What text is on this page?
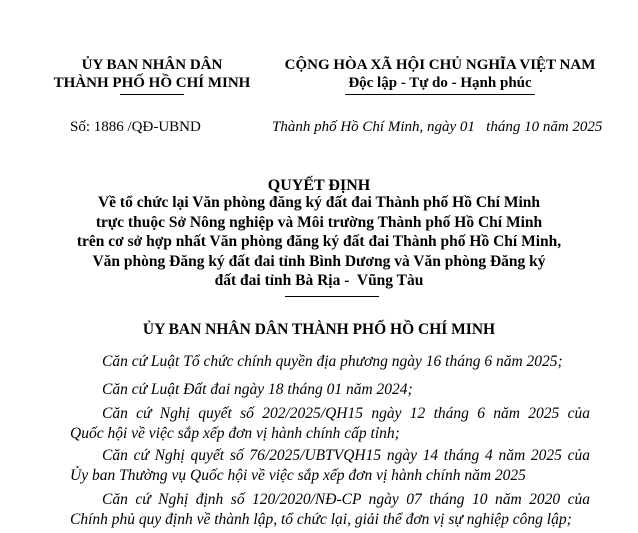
ỦY BAN NHÂN DÂN
THÀNH PHỐ HỒ CHÍ MINH
Số: 1886 /QĐ-UBND
CỘNG HÒA XÃ HỘI CHỦ NGHĨA VIỆT NAM
Độc lập - Tự do - Hạnh phúc
Thành phố Hồ Chí Minh, ngày 01   tháng 10 năm 2025
QUYẾT ĐỊNH
Về tổ chức lại Văn phòng đăng ký đất đai Thành phố Hồ Chí Minh
trực thuộc Sở Nông nghiệp và Môi trường Thành phố Hồ Chí Minh
trên cơ sở hợp nhất Văn phòng đăng ký đất đai Thành phố Hồ Chí Minh,
Văn phòng Đăng ký đất đai tỉnh Bình Dương và Văn phòng Đăng ký
đất đai tỉnh Bà Rịa -  Vũng Tàu
ỦY BAN NHÂN DÂN THÀNH PHỐ HỒ CHÍ MINH
Căn cứ Luật Tổ chức chính quyền địa phương ngày 16 tháng 6 năm 2025;
Căn cứ Luật Đất đai ngày 18 tháng 01 năm 2024;
Căn cứ Nghị quyết số 202/2025/QH15 ngày 12 tháng 6 năm 2025 của
Quốc hội về việc sắp xếp đơn vị hành chính cấp tỉnh;
Căn cứ Nghị quyết số 76/2025/UBTVQH15 ngày 14 tháng 4 năm 2025 của
Ủy ban Thường vụ Quốc hội về việc sắp xếp đơn vị hành chính năm 2025
Căn cứ Nghị định số 120/2020/NĐ-CP ngày 07 tháng 10 năm 2020 của
Chính phủ quy định về thành lập, tổ chức lại, giải thể đơn vị sự nghiệp công lập;
